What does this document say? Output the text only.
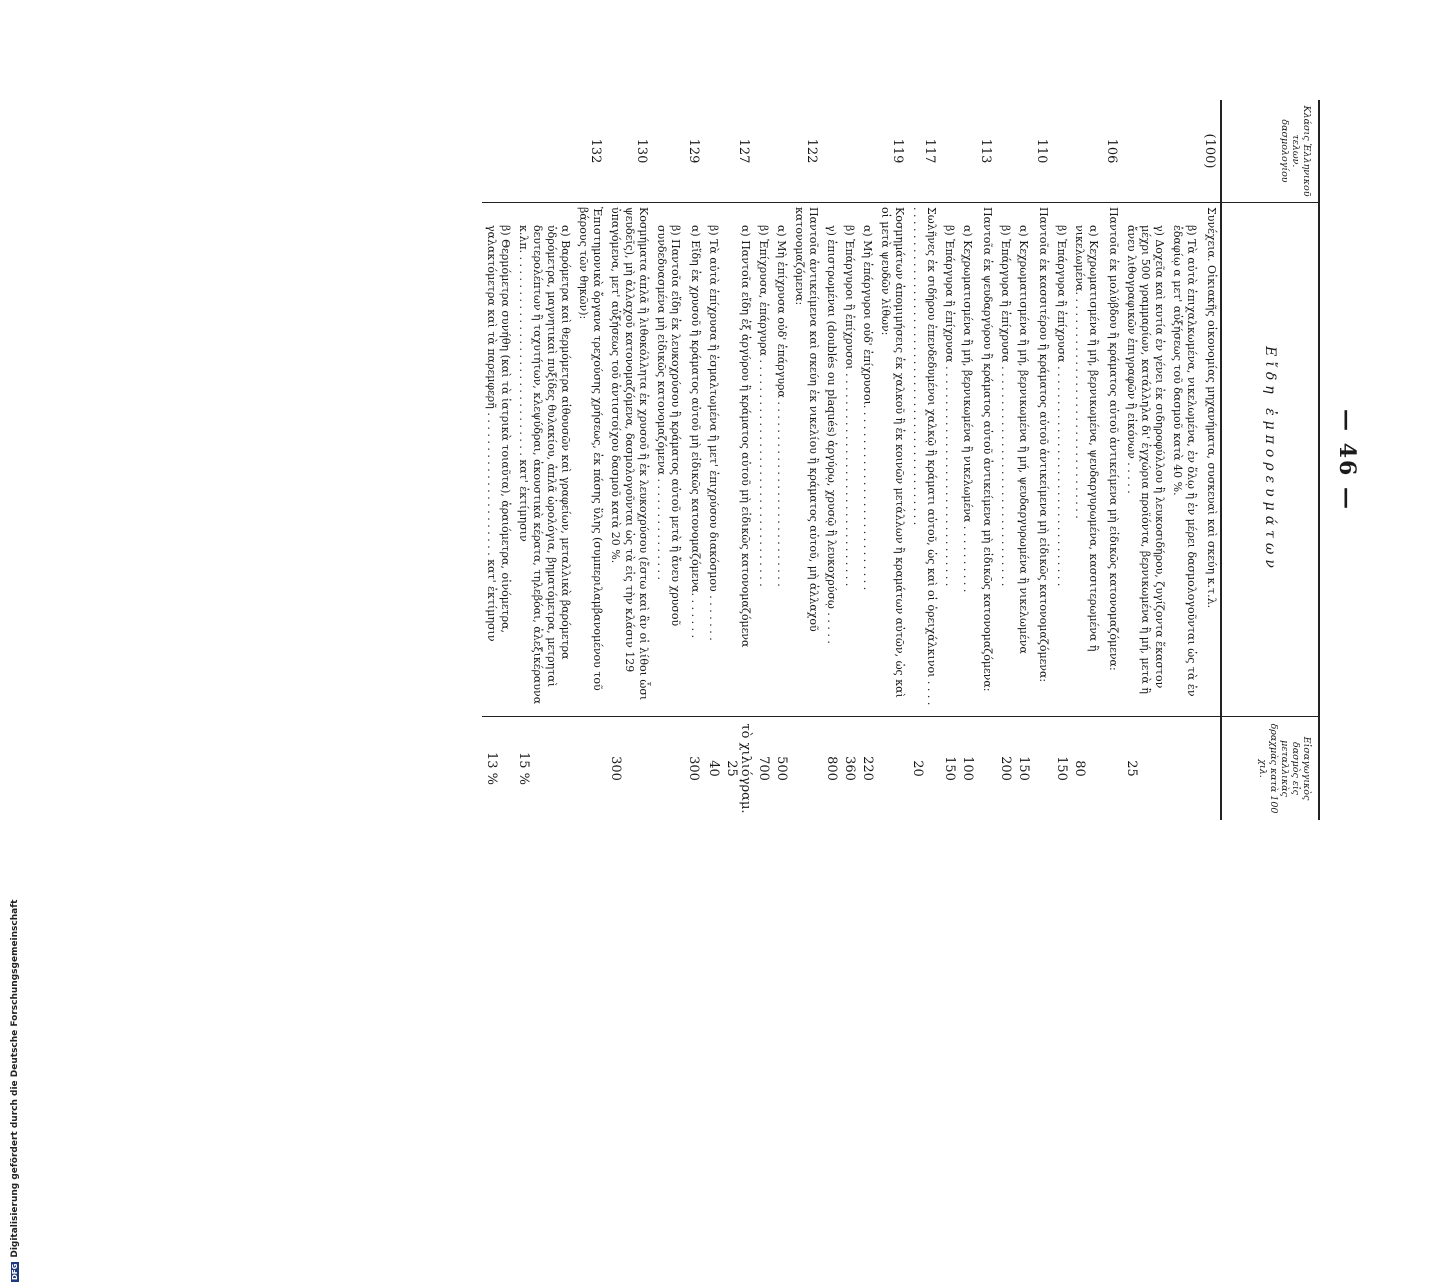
DFG
Digitalisierung gefördert durch die Deutsche Forschungsgemeinschaft
— 46 —
Κλάσις Ἑλληνικοῦ τελων. δασμολογίου	Εἴδη ἐμπορευμάτων	Εἰσαγωγικὸς δασμὸς εἰς μεταλλικὰς δραχμὰς κατὰ 100 χιλ.
(100)	Συνέχεια. Οἰκιακῆς οἰκονομίας μηχανήματα, συσκευαὶ καὶ σκεύη κ.τ.λ.	
	β) Τὰ αὐτὰ ἐπιχαλκωμένα, νικελωμένα, ἐν ὅλῳ ἢ ἐν μέρει δασμολογοῦνται ὡς τὰ ἐν ἐδαφίῳ α μετ' αὐξήσεως τοῦ δασμοῦ κατὰ 40 %.	
	γ) Δοχεῖα καὶ κυτία ἐν γένει ἐκ σιδηροφύλλου ἢ λευκοσιδήρου, ζυγίζοντα ἕκαστον μέχρι 500 γραμμαρίων, κατάλληλα δι' ἐγχώρια προϊόντα, βερνικωμένα ἢ μή, μετὰ ἢ ἄνευ λιθογραφικῶν ἐπιγραφῶν ἢ εἰκόνων . . . . .	25
106	Παντοῖα ἐκ μολύβδου ἢ κράματος αὐτοῦ ἀντικείμενα μὴ εἰδικῶς κατονομαζόμενα:	
	α) Κεχρωματισμένα ἢ μή, βερνικωμένα, ψευδαργυρωμένα, κασσιτερωμένα ἢ νικελωμένα. . . . . . . . . . . . . . . . . . . . . . . . . . . . . . . . .	80
	β) Ἐπάργυρα ἢ ἐπίχρυσα . . . . . . . . . . . . . . . . . . . . . . . . . . . . . . . .	150
110	Παντοῖα ἐκ κασσιτέρου ἢ κράματος αὐτοῦ ἀντικείμενα μὴ εἰδικῶς κατονομαζόμενα:	
	α) Κεχρωματισμένα ἢ μή, βερνικωμένα ἢ μή, ψευδαργυρωμένα ἢ νικελωμένα	150
	β) Ἐπάργυρα ἢ ἐπίχρυσα . . . . . . . . . . . . . . . . . . . . . . . . . . . . . . . .	200
113	Παντοῖα ἐκ ψευδαργύρου ἢ κράματος αὐτοῦ ἀντικείμενα μὴ εἰδικῶς κατονομαζόμενα:	
	α) Κεχρωματισμένα ἢ μή, βερνικωμένα ἢ νικελωμένα . . . . . . . . . .	100
	β) Ἐπάργυρα ἢ ἐπίχρυσα . . . . . . . . . . . . . . . . . . . . . . . . . . . . . . . .	150
117	Σωλῆνες ἐκ σιδήρου ἐπενδεδυμένοι χαλκῷ ἢ κράματι αὐτοῦ, ὡς καὶ οἱ ὀρειχάλκινοι . . . . . . . . . . . . . . . . . . . . . . . . . . . . . . . . . . . . . . . . . . . . . . . . . .	20
119	Κοσμημάτων ἀπομιμήσεις ἐκ χαλκοῦ ἢ ἐκ κοινῶν μετάλλων ἢ κραμάτων αὐτῶν, ὡς καὶ οἱ μετὰ ψευδῶν λίθων:	
	α) Μὴ ἐπάργυροι οὐδ' ἐπίχρυσοι. . . . . . . . . . . . . . . . . . . . . . . . . . .	220
	β) Ἐπάργυροι ἢ ἐπίχρυσοι . . . . . . . . . . . . . . . . . . . . . . . . . . . . . . .	360
	γ) ἐπιστρωμέναι (doublés ou plaqués) ἀργύρῳ, χρυσῷ ἢ λευκοχρύσῳ . . . . .	800
122	Παντοῖα ἀντικείμενα καὶ σκεύη ἐκ νικελίου ἢ κράματος αὐτοῦ, μὴ ἀλλαχοῦ κατονομαζόμενα:	
	α) Μὴ ἐπίχρυσα οὐδ' ἐπάργυρα . . . . . . . . . . . . . . . . . . . . . . . . . . .	500
	β) Ἐπίχρυσα, ἐπάργυρα . . . . . . . . . . . . . . . . . . . . . . . . . . . . . . . . .	700
127	α) Παντοῖα εἴδη ἐξ ἀργύρου ἢ κράματος αὐτοῦ μὴ εἰδικῶς κατονομαζόμενα	τὸ χιλιόγραμ. 25
	β) Τὰ αὐτὰ ἐπίχρυσα ἢ ἐσμαλτωμένα ἢ μετ' ἐπιχρύσου διακόσμου . . . . . . .	40
129	α) Εἴδη ἐκ χρυσοῦ ἢ κράματος αὐτοῦ μὴ εἰδικῶς κατονομαζόμενα. . . . . . .	300
	β) Παντοῖα εἴδη ἐκ λευκοχρύσου ἢ κράματος αὐτοῦ μετὰ ἢ ἄνευ χρυσοῦ συνδεδυασμένα μὴ εἰδικῶς κατονομαζόμενα . . . . . . . . . . . . . . .	
130	Κοσμήματα ἁπλᾶ ἢ λιθοκόλλητα ἐκ χρυσοῦ ἢ ἐκ λευκοχρύσου (ἔστω καὶ ἂν οἱ λίθοι ὦσι ψευδεῖς), μὴ ἀλλαχοῦ κατονομαζόμενα, δασμολογοῦνται ὡς τὰ εἰς τὴν κλάσιν 129 ὑπαγόμενα, μετ' αὐξήσεως τοῦ ἀντιστοίχου δασμοῦ κατὰ 20 %.	300
132	Ἐπιστημονικὰ ὄργανα τρεχούσης χρήσεως, ἐκ πάσης ὕλης (συμπεριλαμβανομένου τοῦ βάρους τῶν θηκῶν):	
	α) Βαρόμετρα καὶ θερμόμετρα αἰθουσῶν καὶ γραφείων, μεταλλικὰ βαρόμετρα ὑδρόμετρα, μαγνητικαὶ πυξίδες θυλακίου, ἁπλᾶ ὡρολόγια, βηματόμετρα, μετρηταὶ δευτερολέπτων ἢ ταχυτήτων, κλεψύδραι, ἀκουστικὰ κέρατα, τηλεβόαι, ἀλεξικέραυνα κ.λπ. . . . . . . . . . . . . . . . . . . . . . . . . . . . . . κατ' ἐκτίμησιν	15 %
	β) Θερμόμετρα συνήθη (καὶ τὰ ἰατρικὰ τοιαῦτα), ἀραιόμετρα, οἰνόμετρα, γαλακτόμετρα καὶ τὰ παρεμφερῆ . . . . . . . . . . . . . . . . . . . . . κατ' ἐκτίμησιν	13 %
